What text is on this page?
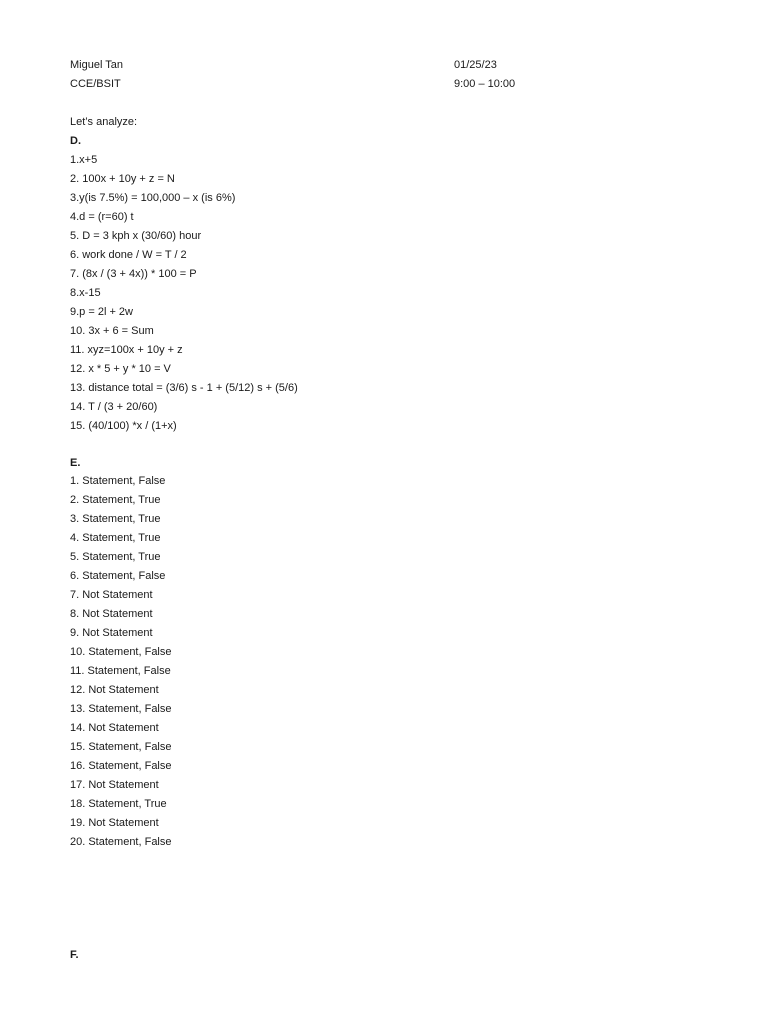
Miguel Tan	01/25/23
CCE/BSIT	9:00 – 10:00
Let’s analyze:
D.
1.x+5
2. 100x + 10y + z = N
3.y(is 7.5%) = 100,000 – x (is 6%)
4.d = (r=60) t
5. D = 3 kph x (30/60) hour
6. work done / W = T / 2
7. (8x / (3 + 4x)) * 100 = P
8.x-15
9.p = 2l + 2w
10. 3x + 6 = Sum
11. xyz=100x + 10y + z
12. x * 5 + y * 10 = V
13. distance total = (3/6) s - 1 + (5/12) s + (5/6)
14. T / (3 + 20/60)
15. (40/100) *x / (1+x)
E.
1. Statement, False
2. Statement, True
3. Statement, True
4. Statement, True
5. Statement, True
6. Statement, False
7. Not Statement
8. Not Statement
9. Not Statement
10. Statement, False
11. Statement, False
12. Not Statement
13. Statement, False
14. Not Statement
15. Statement, False
16. Statement, False
17. Not Statement
18. Statement, True
19. Not Statement
20. Statement, False
F.
